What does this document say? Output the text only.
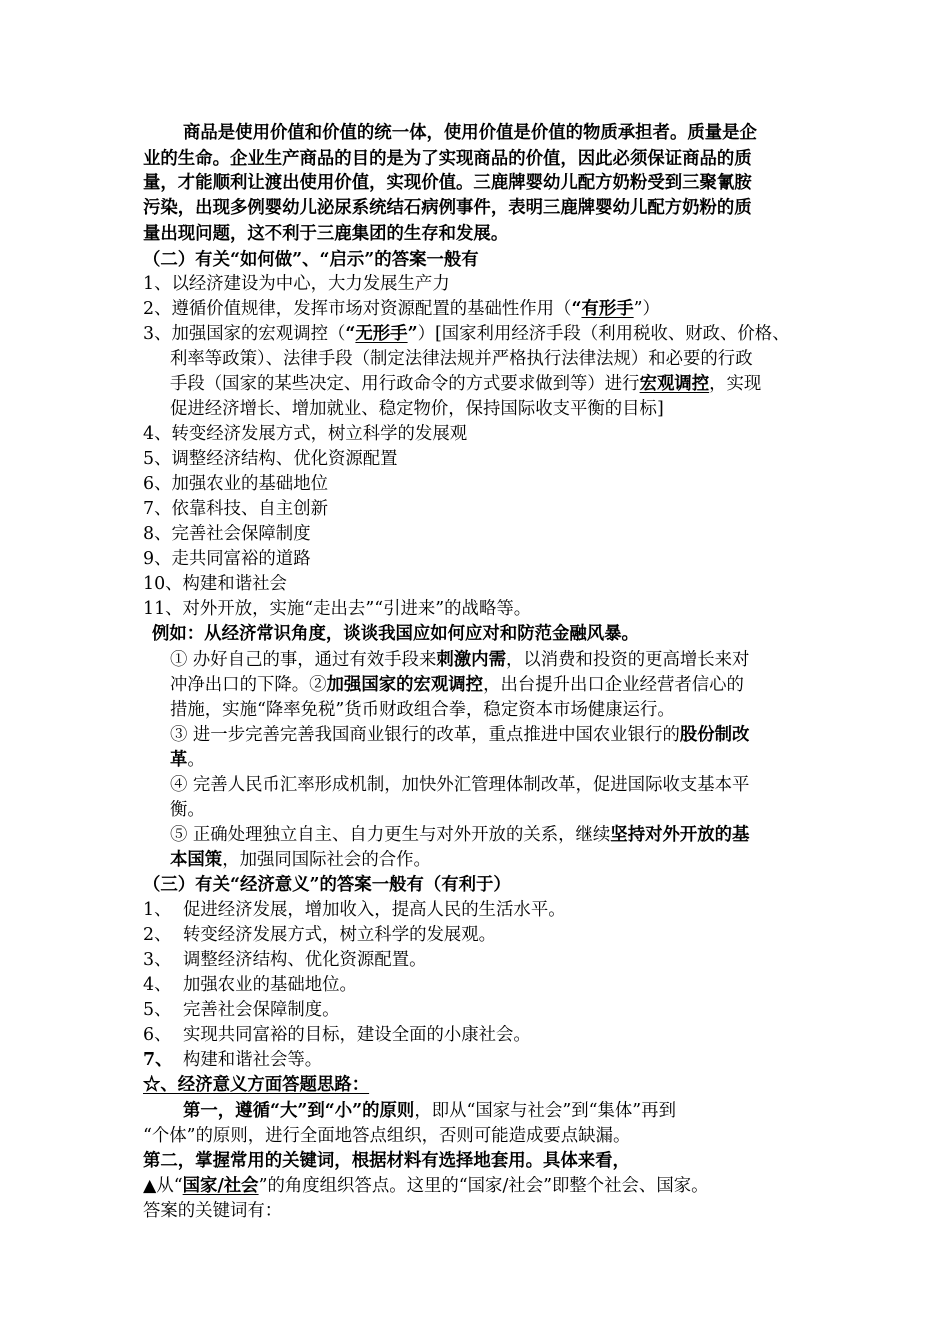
商品是使用价值和价值的统一体，使用价值是价值的物质承担者。质量是企
业的生命。企业生产商品的目的是为了实现商品的价值，因此必须保证商品的质
量，才能顺利让渡出使用价值，实现价值。三鹿牌婴幼儿配方奶粉受到三聚氰胺
污染，出现多例婴幼儿泌尿系统结石病例事件，表明三鹿牌婴幼儿配方奶粉的质
量出现问题，这不利于三鹿集团的生存和发展。
（二）有关“如何做”、“启示”的答案一般有
1、以经济建设为中心，大力发展生产力
2、遵循价值规律，发挥市场对资源配置的基础性作用（“有形手”）
3、加强国家的宏观调控（“无形手”）[国家利用经济手段（利用税收、财政、价格、
利率等政策）、法律手段（制定法律法规并严格执行法律法规）和必要的行政
手段（国家的某些决定、用行政命令的方式要求做到等）进行宏观调控，实现
促进经济增长、增加就业、稳定物价，保持国际收支平衡的目标]
4、转变经济发展方式，树立科学的发展观
5、调整经济结构、优化资源配置
6、加强农业的基础地位
7、依靠科技、自主创新
8、完善社会保障制度
9、走共同富裕的道路
10、构建和谐社会
11、对外开放，实施“走出去”“引进来”的战略等。
例如：从经济常识角度，谈谈我国应如何应对和防范金融风暴。
① 办好自己的事，通过有效手段来刺激内需，以消费和投资的更高增长来对
冲净出口的下降。②加强国家的宏观调控，出台提升出口企业经营者信心的
措施，实施“降率免税”货币财政组合拳，稳定资本市场健康运行。
③ 进一步完善完善我国商业银行的改革，重点推进中国农业银行的股份制改
革。
④ 完善人民币汇率形成机制，加快外汇管理体制改革，促进国际收支基本平
衡。
⑤ 正确处理独立自主、自力更生与对外开放的关系，继续坚持对外开放的基
本国策，加强同国际社会的合作。
（三）有关“经济意义”的答案一般有（有利于）
1、 促进经济发展，增加收入，提高人民的生活水平。
2、 转变经济发展方式，树立科学的发展观。
3、 调整经济结构、优化资源配置。
4、 加强农业的基础地位。
5、 完善社会保障制度。
6、 实现共同富裕的目标，建设全面的小康社会。
7、 构建和谐社会等。
☆、经济意义方面答题思路：
第一，遵循“大”到“小”的原则，即从“国家与社会”到“集体”再到
“个体”的原则，进行全面地答点组织，否则可能造成要点缺漏。
第二，掌握常用的关键词，根据材料有选择地套用。具体来看，
▲从“国家/社会”的角度组织答点。这里的“国家/社会”即整个社会、国家。
答案的关键词有：
